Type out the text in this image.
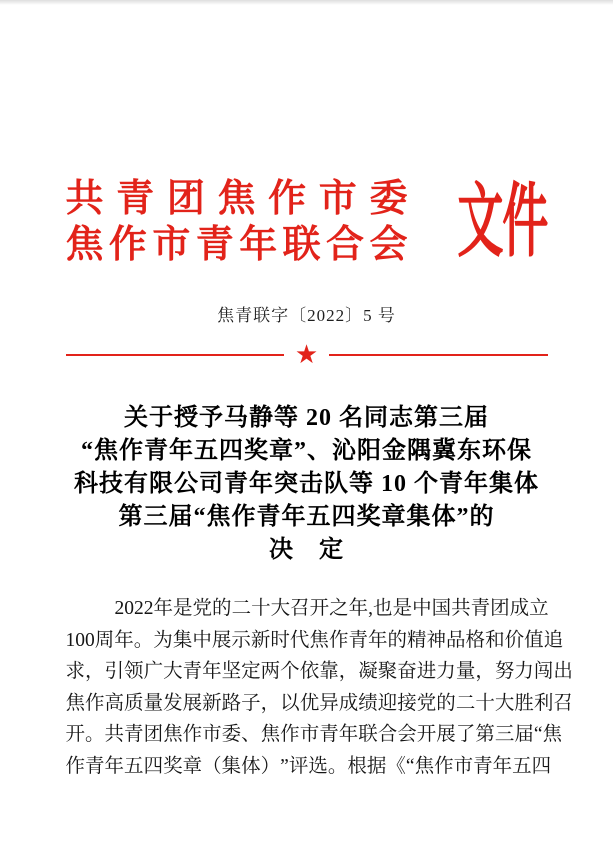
共 青 团 焦 作 市 委
焦 作 市 青 年 联 合 会 文件
焦青联字〔2022〕5 号
★
关于授予马静等 20 名同志第三届
“焦作青年五四奖章”、沁阳金隅冀东环保
科技有限公司青年突击队等 10 个青年集体
第三届“焦作青年五四奖章集体”的
决　定
2022 年 是 党 的 二 十 大 召 开 之 年 , 也 是 中 国 共 青 团 成 立
100 周 年 。 为 集 中 展 示 新 时 代 焦 作 青 年 的 精 神 品 格 和 价 值 追
求 ， 引 领 广 大 青 年 坚 定 两 个 依 靠 ， 凝 聚 奋 进 力 量 ， 努 力 闯 出
焦 作 高 质 量 发 展 新 路 子 ， 以 优 异 成 绩 迎 接 党 的 二 十 大 胜 利 召
开 。 共 青 团 焦 作 市 委 、 焦 作 市 青 年 联 合 会 开 展 了 第 三 届 “ 焦
作 青 年 五 四 奖 章 （ 集 体 ） ” 评 选 。 根 据 《 “ 焦 作 市 青 年 五 四
